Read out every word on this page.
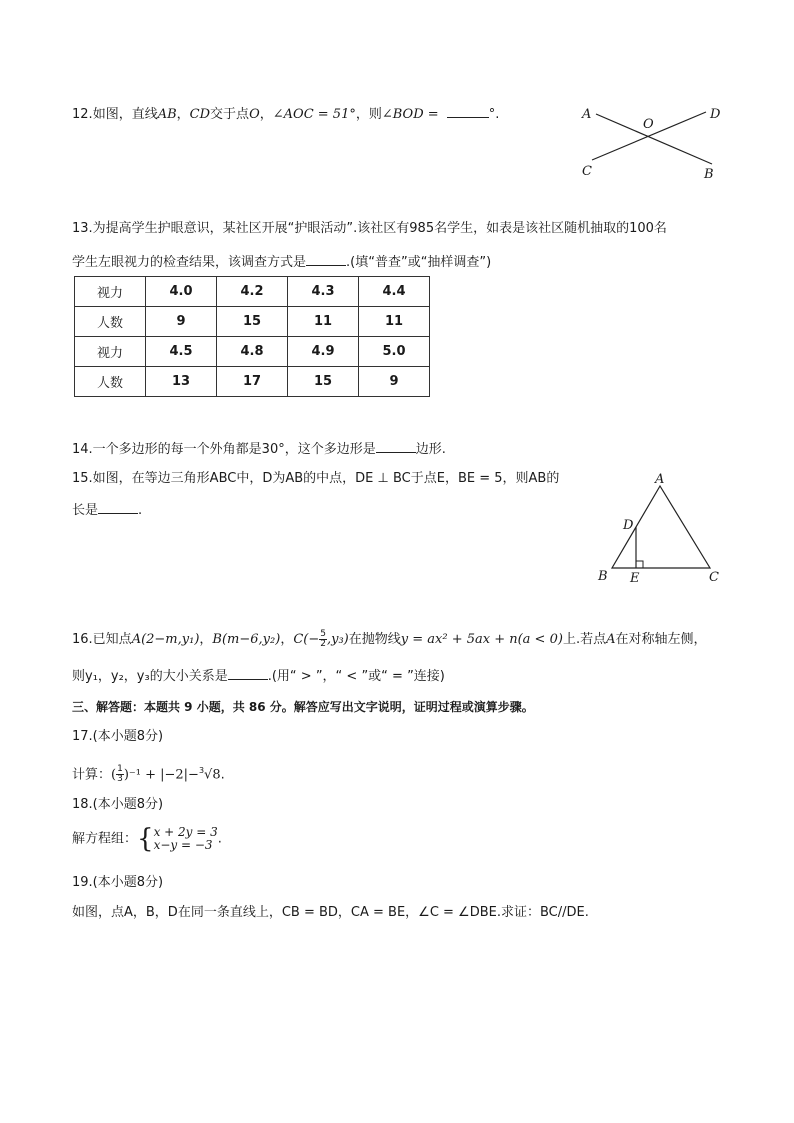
12.如图，直线AB，CD交于点O，∠AOC = 51°，则∠BOD =	°.	A	D
O
C	B
13.为提高学生护眼意识，某社区开展“护眼活动”.该社区有985名学生，如表是该社区随机抽取的100名
学生左眼视力的检查结果，该调查方式是	.(填“普查”或“抽样调查”)
视力	4.0	4.2	4.3	4.4
人数	9	15	11	11
视力	4.5	4.8	4.9	5.0
人数	13	17	15	9
14.一个多边形的每一个外角都是30°，这个多边形是	边形.
15.如图，在等边三角形ABC中，D为AB的中点，DE ⊥ BC于点E，BE = 5，则AB的
长是	.
A
D
B E	C
16.已知点A(2−m,y₁)，B(m−6,y₂)，$C(- \frac{5}{2} ,y_3)$在抛物线y = ax² + 5ax + n(a < 0)上.若点A在对称轴左侧，
则y₁，y₂，y₃的大小关系是	.(用“ > ”，“ < ”或“ = ”连接)
三、解答题：本题共 9 小题，共 86 分。解答应写出文字说明，证明过程或演算步骤。
17.(本小题8分)
计算：( $\frac{1}{3} )^{-1} + |-2|-^3√8$.
18.(本小题8分)
解方程组：{ x + 2y = 3
x−y = −3 .
19.(本小题8分)
如图，点A，B，D在同一条直线上，CB = BD，CA = BE，∠C = ∠DBE.求证：BC//DE.
